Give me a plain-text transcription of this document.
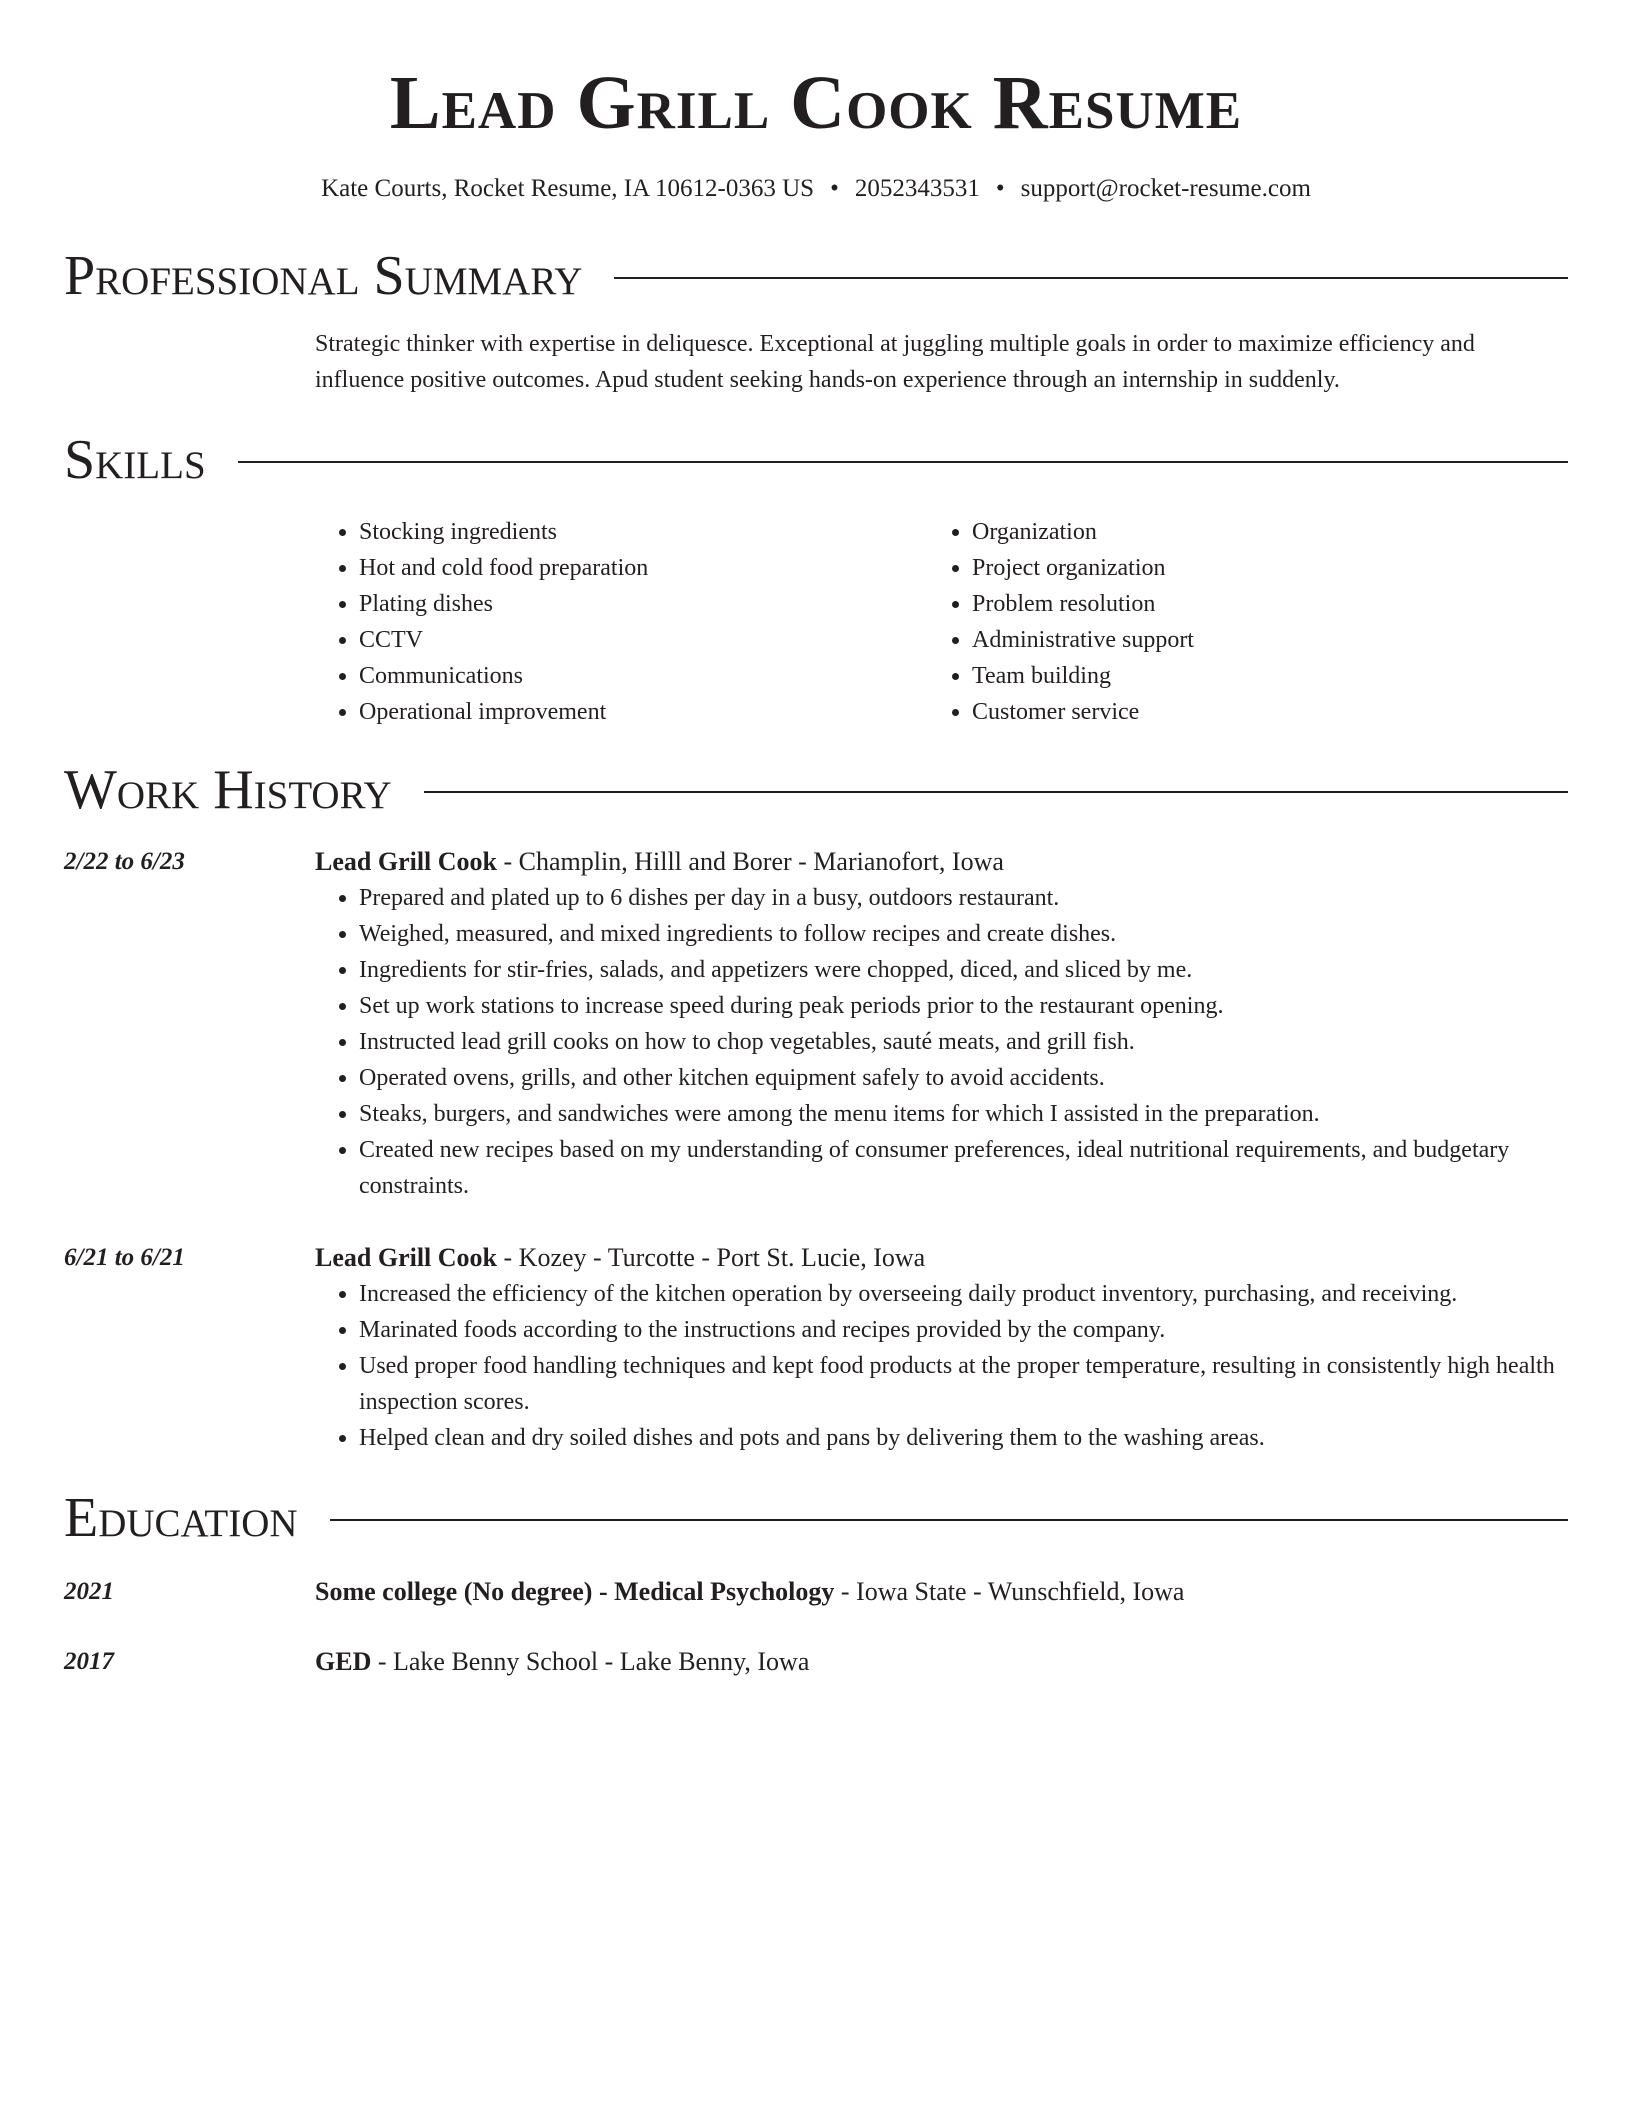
Lead Grill Cook Resume
Kate Courts, Rocket Resume, IA 10612-0363 US • 2052343531 • support@rocket-resume.com
Professional Summary
Strategic thinker with expertise in deliquesce. Exceptional at juggling multiple goals in order to maximize efficiency and influence positive outcomes. Apud student seeking hands-on experience through an internship in suddenly.
Skills
• Stocking ingredients
• Hot and cold food preparation
• Plating dishes
• CCTV
• Communications
• Operational improvement
• Organization
• Project organization
• Problem resolution
• Administrative support
• Team building
• Customer service
Work History
2/22 to 6/23	Lead Grill Cook - Champlin, Hilll and Borer - Marianofort, Iowa
• Prepared and plated up to 6 dishes per day in a busy, outdoors restaurant.
• Weighed, measured, and mixed ingredients to follow recipes and create dishes.
• Ingredients for stir-fries, salads, and appetizers were chopped, diced, and sliced by me.
• Set up work stations to increase speed during peak periods prior to the restaurant opening.
• Instructed lead grill cooks on how to chop vegetables, sauté meats, and grill fish.
• Operated ovens, grills, and other kitchen equipment safely to avoid accidents.
• Steaks, burgers, and sandwiches were among the menu items for which I assisted in the preparation.
• Created new recipes based on my understanding of consumer preferences, ideal nutritional requirements, and budgetary constraints.
6/21 to 6/21	Lead Grill Cook - Kozey - Turcotte - Port St. Lucie, Iowa
• Increased the efficiency of the kitchen operation by overseeing daily product inventory, purchasing, and receiving.
• Marinated foods according to the instructions and recipes provided by the company.
• Used proper food handling techniques and kept food products at the proper temperature, resulting in consistently high health inspection scores.
• Helped clean and dry soiled dishes and pots and pans by delivering them to the washing areas.
Education
2021	Some college (No degree) - Medical Psychology - Iowa State - Wunschfield, Iowa
2017	GED - Lake Benny School - Lake Benny, Iowa
